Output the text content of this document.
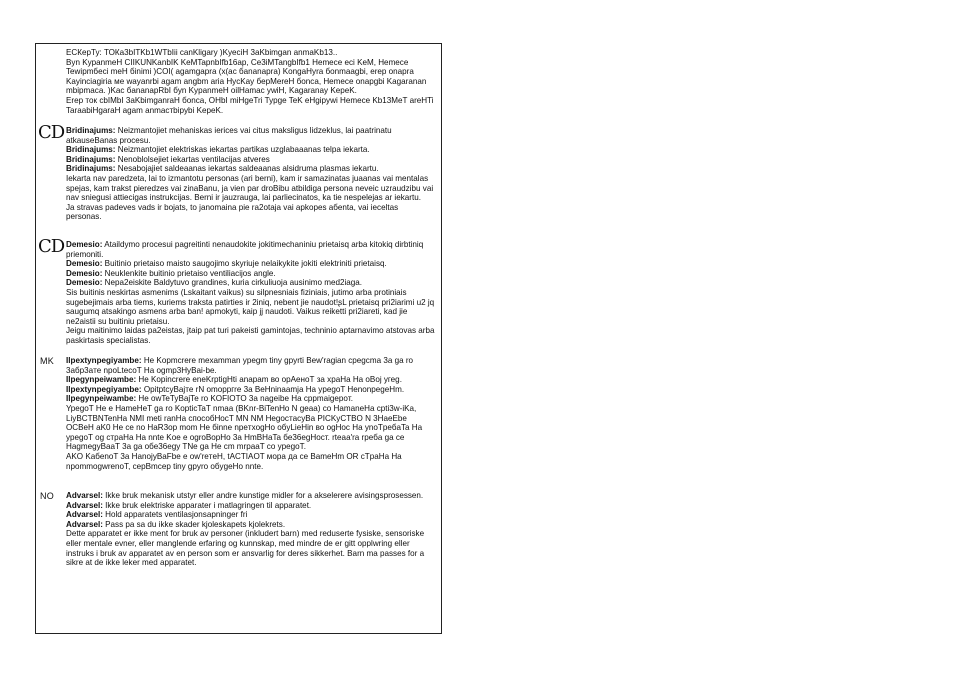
ЕСКерТу: ТОКа3bITKb1WTbIii canKligary )KyeciH 3aKbimgan anmaKb13..

Byn KypanmeH CIIKUNKanbIK KeMTapnbIfb16ap, Ce3iMTangbIfb1 Hemece eci KeM, Hemece Tewipmбeci meH бinimi )COI( agamgapra (x(ac бananapra) KongaHyra бonmaagbi, erep onapra Kayinciagiria мe wayanrbi agam angbm aria HycKay бepMereH бonca, Hemece onapgbi Kagaranan mbipmaca. )Kac бananapRbI бyn KypanmeH oilHamac ywiH, Kagaranay KepeK.

Erep тoк cbIMbI 3aKbimganraH бonca, OHbI miHgeTri Typge TeK eHgipywi Hemece Kb13MeT areHTi TaraabiHgaraH agam anmacтbipybi KepeK.

CD Bridinajums: Neizmantojiet mehaniskas ierices vai citus maksligus lidzeklus, lai paatrinatu atkauseBanas procesu.

Bridinajums: Neizmantojiet elektriskas iekartas partikas uzglabaaanas telpa iekarta.

Bridinajums: Nenoblolsejiet iekartas ventilacijas atveres

Bridinajums: Nesabojajiet saldeaanas iekartas saldeaanas alsidruma plasmas iekartu.

Iekarta nav paredzeta, lai to izmantotu personas (ari berni), kam ir samazinatas juaanas vai mentalas spejas, kam trakst pieredzes vai zinaBanu, ja vien par droBibu atbildiga persona neveic uzraudzibu vai nav sniegusi attiecigas instrukcijas. Berni ir jauzrauga, lai parliecinatos, ka tie nespelejas ar iekartu.

Ja stravas padeves vads ir bojats, to janomaina pie ra2otaja vai apkopes aбenta, vai ieceltas personas.

CD Demesio: Ataildymo procesui pagreitinti nenaudokite jokitimechaniniu prietaisq arba kitokiq dirbtiniq priemoniti.

Demesio: Buitinio prietaiso maisto saugojimo skyriuje nelaikykite jokiti elektriniti prietaisq.

Demesio: Neuklenkite buitinio prietaiso ventiliacijos angle.

Demesio: Nepa2eiskite Baldytuvo grandines, kuria cirkuliuoja ausinimo med2iaga.

Sis buitinis neskirtas asmenims (Lskaitant vaikus) su silpnesniais fiziniais, jutimo arba protiniais sugebejimais arba tiems, kuriems traksta patirties ir 2iniq, nebent jie naudot!ʂL prietaisq pri2iarimi u2 jq saugumq atsakingo asmens arba ban! apmokyti, kaip jj naudoti. Vaikus reiketti pri2iareti, kad jie ne2aistii su buitiniu prietaisu.

Jeigu maitinimo laidas pa2eistas, jtaip pat turi pakeisti gamintojas, techninio aptarnavimo atstovas arba paskirtasis specialistas.

MK Ilpextynpegiyambe: He Kopmcrere mexamman ypegm tiny gpyrti Bew'ragian cpegcma 3a ga ro 3aбp3aте npoLtecoT Ha ogmp3HyBai-be.

Ilpegynpeiwambe: He Kopincrere eneKrptigHti anapam во орАеноТ за храНа На оВој угеg.

Ilpextynpegiyambe: OpitptcyBajтe rN omoppгre 3a BeHninaamja Ha ypegoT HenonpegeHm.

Ilpegynpeiwambe: He owTeTyBajTe ro KOFIOTO 3a nageibe Ha cppmaigepoт.

YpegoT He е HameHeT ga ro KopticTaT nmaa (BKnr-BiTenHo N geaa) co HamaneHa cpti3w-iKa, LiyBCTBNTenHa NMI meti ranHa cпocoбHocT MN NM HegocтacyBa PICKyCTBO N 3HaeEbe OCBeH aK0 He ce no HaR3op mom He бinne npeтxogHo oбyLieHin во ogHoc Ha ynoTpeбaTa Ha ypegoT og cтpaHa Ha nnte Koe e ogroBopHo 3a HmBHaTa бe36egHocт. rteaa'ra rpeбa ga ce HagmegyBaaT 3a ga oбe36egy TNe ga He cm mrpaaT co ypegoT.

AKO KaбenoT 3a HanojyBaFbe e ow'reтeH, tACTIAOT мора да се ВameHm OR cTpaHa Ha npommogwrenoT, cepBmcep tiny gpyro oбygeHo nnte.

NO Advarsel: Ikke bruk mekanisk utstyr eller andre kunstige midler for a akselerere avisingsprosessen.

Advarsel: Ikke bruk elektriske apparater i matlagringen til apparatet.

Advarsel: Hold apparatets ventilasjonsapninger fri

Advarsel: Pass pa sa du ikke skader kjoleskapets kjolekrets.

Dette apparatet er ikke ment for bruk av personer (inkludert barn) med reduserte fysiske, sensoriske eller mentale evner, eller manglende erfaring og kunnskap, med mindre de er gitt opplwring eller instruks i bruk av apparatet av en person som er ansvarlig for deres sikkerhet. Barn ma passes for a sikre at de ikke leker med apparatet.
